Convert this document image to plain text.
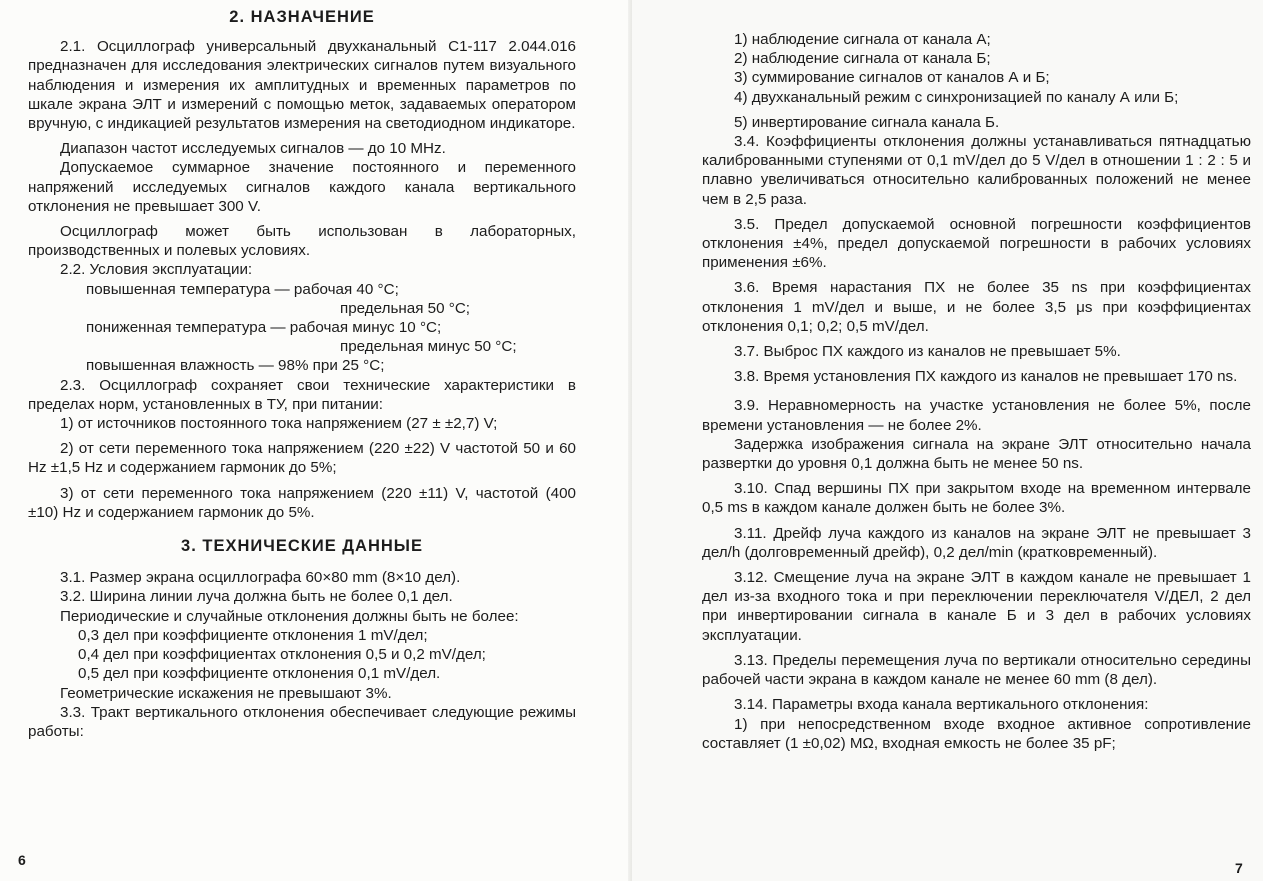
2. НАЗНАЧЕНИЕ

2.1. Осциллограф универсальный двухканальный С1-117 2.044.016 предназначен для исследования электрических сигналов путем визуального наблюдения и измерения их амплитудных и временных параметров по шкале экрана ЭЛТ и измерений с помощью меток, задаваемых оператором вручную, с индикацией результатов измерения на светодиодном индикаторе.

Диапазон частот исследуемых сигналов — до 10 MHz.

Допускаемое суммарное значение постоянного и переменного напряжений исследуемых сигналов каждого канала вертикального отклонения не превышает 300 V.

Осциллограф может быть использован в лабораторных, производственных и полевых условиях.

2.2. Условия эксплуатации:

повышенная температура — рабочая 40 °С;

предельная 50 °С;

пониженная температура — рабочая минус 10 °С;

предельная минус 50 °С;

повышенная влажность — 98% при 25 °С;

2.3. Осциллограф сохраняет свои технические характеристики в пределах норм, установленных в ТУ, при питании:

1) от источников постоянного тока напряжением (27 ± ±2,7) V;

2) от сети переменного тока напряжением (220 ±22) V частотой 50 и 60 Hz ±1,5 Hz и содержанием гармоник до 5%;

3) от сети переменного тока напряжением (220 ±11) V, частотой (400 ±10) Hz и содержанием гармоник до 5%.

3. ТЕХНИЧЕСКИЕ ДАННЫЕ

3.1. Размер экрана осциллографа 60×80 mm (8×10 дел).

3.2. Ширина линии луча должна быть не более 0,1 дел.

Периодические и случайные отклонения должны быть не более:

0,3 дел при коэффициенте отклонения 1 mV/дел;

0,4 дел при коэффициентах отклонения 0,5 и 0,2 mV/дел;

0,5 дел при коэффициенте отклонения 0,1 mV/дел.

Геометрические искажения не превышают 3%.

3.3. Тракт вертикального отклонения обеспечивает следующие режимы работы:

6

1) наблюдение сигнала от канала А;

2) наблюдение сигнала от канала Б;

3) суммирование сигналов от каналов А и Б;

4) двухканальный режим с синхронизацией по каналу А или Б;

5) инвертирование сигнала канала Б.

3.4. Коэффициенты отклонения должны устанавливаться пятнадцатью калиброванными ступенями от 0,1 mV/дел до 5 V/дел в отношении 1 : 2 : 5 и плавно увеличиваться относительно калиброванных положений не менее чем в 2,5 раза.

3.5. Предел допускаемой основной погрешности коэффициентов отклонения ±4%, предел допускаемой погрешности в рабочих условиях применения ±6%.

3.6. Время нарастания ПХ не более 35 ns при коэффициентах отклонения 1 mV/дел и выше, и не более 3,5 μs при коэффициентах отклонения 0,1; 0,2; 0,5 mV/дел.

3.7. Выброс ПХ каждого из каналов не превышает 5%.

3.8. Время установления ПХ каждого из каналов не превышает 170 ns.

3.9. Неравномерность на участке установления не более 5%, после времени установления — не более 2%.

Задержка изображения сигнала на экране ЭЛТ относительно начала развертки до уровня 0,1 должна быть не менее 50 ns.

3.10. Спад вершины ПХ при закрытом входе на временном интервале 0,5 ms в каждом канале должен быть не более 3%.

3.11. Дрейф луча каждого из каналов на экране ЭЛТ не превышает 3 дел/h (долговременный дрейф), 0,2 дел/min (кратковременный).

3.12. Смещение луча на экране ЭЛТ в каждом канале не превышает 1 дел из-за входного тока и при переключении переключателя V/ДЕЛ, 2 дел при инвертировании сигнала в канале Б и 3 дел в рабочих условиях эксплуатации.

3.13. Пределы перемещения луча по вертикали относительно середины рабочей части экрана в каждом канале не менее 60 mm (8 дел).

3.14. Параметры входа канала вертикального отклонения:

1) при непосредственном входе входное активное сопротивление составляет (1 ±0,02) MΩ, входная емкость не более 35 pF;

7
